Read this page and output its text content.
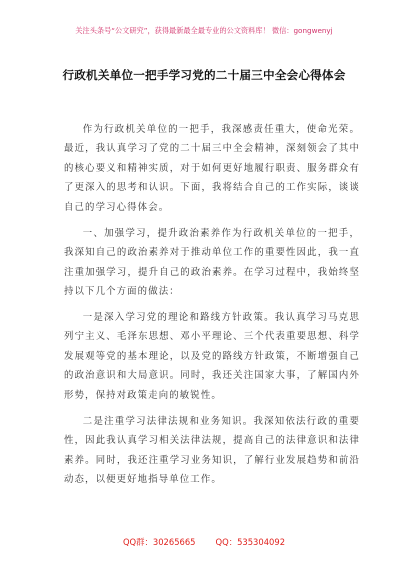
关注头条号“公文研究”，获得最新最全最专业的公文资料库！ 微信：gongwenyj
行政机关单位一把手学习党的二十届三中全会心得体会

作为行政机关单位的一把手，我深感责任重大，使命光荣。最近，我认真学习了党的二十届三中全会精神，深刻领会了其中的核心要义和精神实质，对于如何更好地履行职责、服务群众有了更深入的思考和认识。下面，我将结合自己的工作实际，谈谈自己的学习心得体会。

一、加强学习，提升政治素养作为行政机关单位的一把手，我深知自己的政治素养对于推动单位工作的重要性因此，我一直注重加强学习，提升自己的政治素养。在学习过程中，我始终坚持以下几个方面的做法：

一是深入学习党的理论和路线方针政策。我认真学习马克思列宁主义、毛泽东思想、邓小平理论、三个代表重要思想、科学发展观等党的基本理论，以及党的路线方针政策，不断增强自己的政治意识和大局意识。同时，我还关注国家大事，了解国内外形势，保持对政策走向的敏锐性。

二是注重学习法律法规和业务知识。我深知依法行政的重要性，因此我认真学习相关法律法规，提高自己的法律意识和法律素养。同时，我还注重学习业务知识，了解行业发展趋势和前沿动态，以便更好地指导单位工作。

QQ群：30265665 QQ：535304092
